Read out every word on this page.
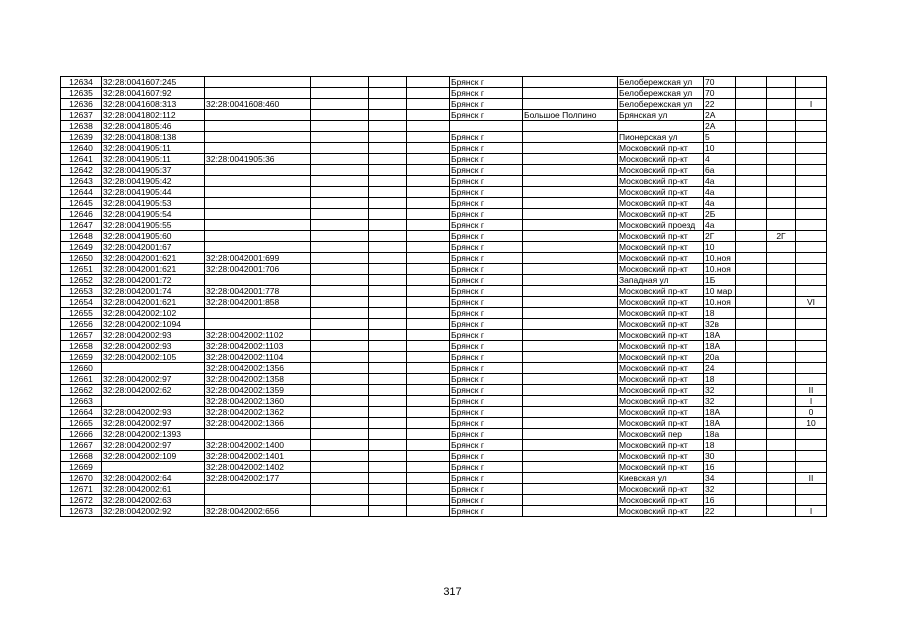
12634	32:28:0041607:245					Брянск г		Белобережская ул	70			
12635	32:28:0041607:92					Брянск г		Белобережская ул	70			
12636	32:28:0041608:313	32:28:0041608:460				Брянск г		Белобережская ул	22			I
12637	32:28:0041802:112					Брянск г	Большое Полпино	Брянская ул	2А			
12638	32:28:0041805:46								2А			
12639	32:28:0041808:138					Брянск г		Пионерская ул	5			
12640	32:28:0041905:11					Брянск г		Московский пр-кт	10			
12641	32:28:0041905:11	32:28:0041905:36				Брянск г		Московский пр-кт	4			
12642	32:28:0041905:37					Брянск г		Московский пр-кт	6а			
12643	32:28:0041905:42					Брянск г		Московский пр-кт	4а			
12644	32:28:0041905:44					Брянск г		Московский пр-кт	4а			
12645	32:28:0041905:53					Брянск г		Московский пр-кт	4а			
12646	32:28:0041905:54					Брянск г		Московский пр-кт	2Б			
12647	32:28:0041905:55					Брянск г		Московский проезд	4а			
12648	32:28:0041905:60					Брянск г		Московский пр-кт	2Г		2Г	
12649	32:28:0042001:67					Брянск г		Московский пр-кт	10			
12650	32:28:0042001:621	32:28:0042001:699				Брянск г		Московский пр-кт	10.ноя			
12651	32:28:0042001:621	32:28:0042001:706				Брянск г		Московский пр-кт	10.ноя			
12652	32:28:0042001:72					Брянск г		Западная ул	1Б			
12653	32:28:0042001:74	32:28:0042001:778				Брянск г		Московский пр-кт	10 мар			
12654	32:28:0042001:621	32:28:0042001:858				Брянск г		Московский пр-кт	10.ноя			VI
12655	32:28:0042002:102					Брянск г		Московский пр-кт	18			
12656	32:28:0042002:1094					Брянск г		Московский пр-кт	32в			
12657	32:28:0042002:93	32:28:0042002:1102				Брянск г		Московский пр-кт	18А			
12658	32:28:0042002:93	32:28:0042002:1103				Брянск г		Московский пр-кт	18А			
12659	32:28:0042002:105	32:28:0042002:1104				Брянск г		Московский пр-кт	20а			
12660		32:28:0042002:1356				Брянск г		Московский пр-кт	24			
12661	32:28:0042002:97	32:28:0042002:1358				Брянск г		Московский пр-кт	18			
12662	32:28:0042002:62	32:28:0042002:1359				Брянск г		Московский пр-кт	32			II
12663		32:28:0042002:1360				Брянск г		Московский пр-кт	32			I
12664	32:28:0042002:93	32:28:0042002:1362				Брянск г		Московский пр-кт	18А			0
12665	32:28:0042002:97	32:28:0042002:1366				Брянск г		Московский пр-кт	18А			10
12666	32:28:0042002:1393					Брянск г		Московский пер	18а			
12667	32:28:0042002:97	32:28:0042002:1400				Брянск г		Московский пр-кт	18			
12668	32:28:0042002:109	32:28:0042002:1401				Брянск г		Московский пр-кт	30			
12669		32:28:0042002:1402				Брянск г		Московский пр-кт	16			
12670	32:28:0042002:64	32:28:0042002:177				Брянск г		Киевская ул	34			II
12671	32:28:0042002:61					Брянск г		Московский пр-кт	32			
12672	32:28:0042002:63					Брянск г		Московский пр-кт	16			
12673	32:28:0042002:92	32:28:0042002:656				Брянск г		Московский пр-кт	22			I
317
